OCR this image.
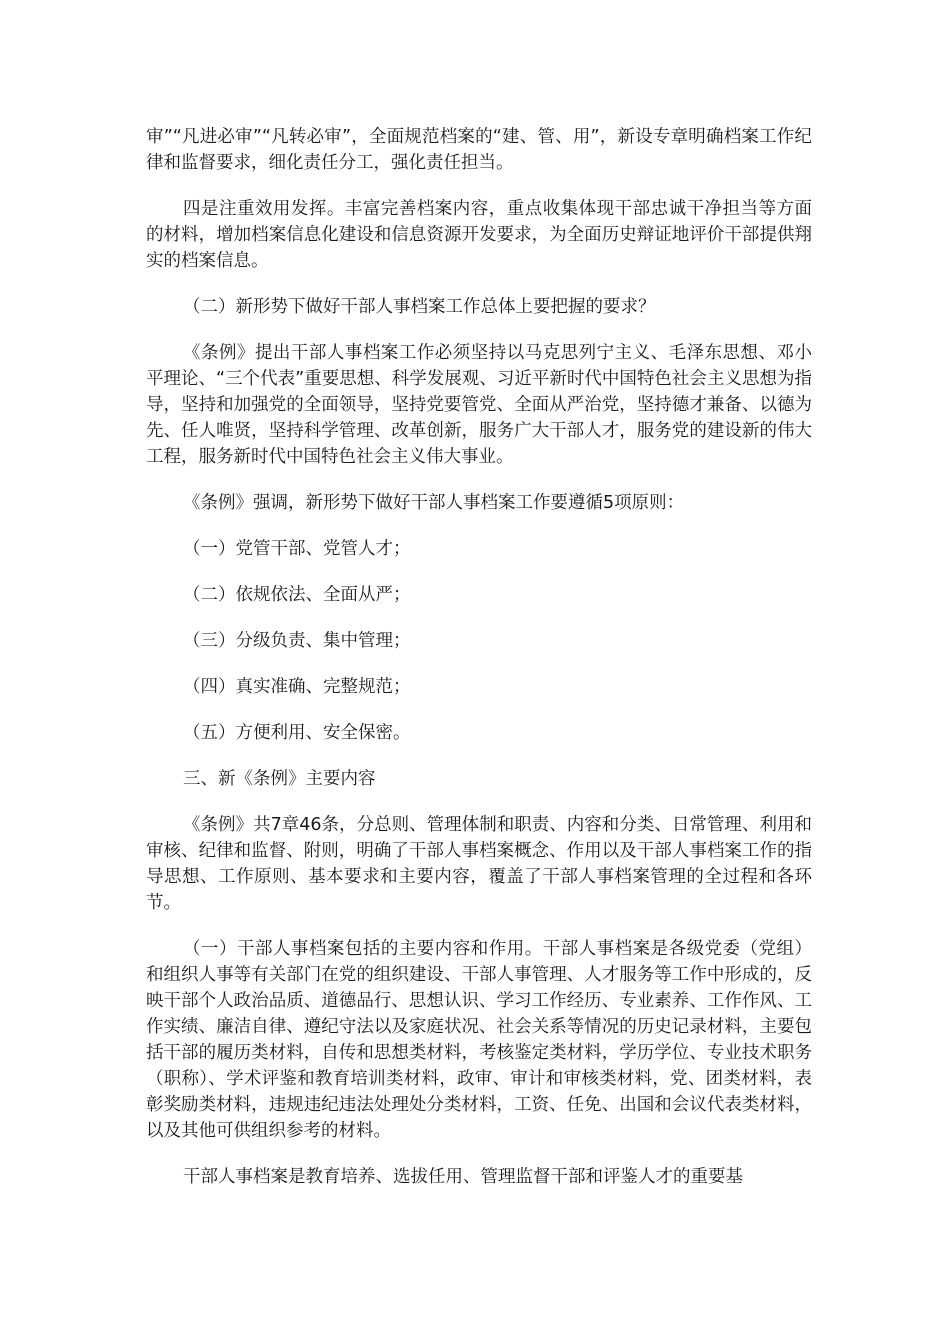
审”“凡进必审”“凡转必审”，全面规范档案的“建、管、用”，新设专章明确档案工作纪律和监督要求，细化责任分工，强化责任担当。

四是注重效用发挥。丰富完善档案内容，重点收集体现干部忠诚干净担当等方面的材料，增加档案信息化建设和信息资源开发要求，为全面历史辩证地评价干部提供翔实的档案信息。

（二）新形势下做好干部人事档案工作总体上要把握的要求？

《条例》提出干部人事档案工作必须坚持以马克思列宁主义、毛泽东思想、邓小平理论、“三个代表”重要思想、科学发展观、习近平新时代中国特色社会主义思想为指导，坚持和加强党的全面领导，坚持党要管党、全面从严治党，坚持德才兼备、以德为先、任人唯贤，坚持科学管理、改革创新，服务广大干部人才，服务党的建设新的伟大工程，服务新时代中国特色社会主义伟大事业。

《条例》强调，新形势下做好干部人事档案工作要遵循5项原则：

（一）党管干部、党管人才；

（二）依规依法、全面从严；

（三）分级负责、集中管理；

（四）真实准确、完整规范；

（五）方便利用、安全保密。

三、新《条例》主要内容

《条例》共7章46条，分总则、管理体制和职责、内容和分类、日常管理、利用和审核、纪律和监督、附则，明确了干部人事档案概念、作用以及干部人事档案工作的指导思想、工作原则、基本要求和主要内容，覆盖了干部人事档案管理的全过程和各环节。

（一）干部人事档案包括的主要内容和作用。干部人事档案是各级党委（党组）和组织人事等有关部门在党的组织建设、干部人事管理、人才服务等工作中形成的，反映干部个人政治品质、道德品行、思想认识、学习工作经历、专业素养、工作作风、工作实绩、廉洁自律、遵纪守法以及家庭状况、社会关系等情况的历史记录材料，主要包括干部的履历类材料，自传和思想类材料，考核鉴定类材料，学历学位、专业技术职务（职称）、学术评鉴和教育培训类材料，政审、审计和审核类材料，党、团类材料，表彰奖励类材料，违规违纪违法处理处分类材料，工资、任免、出国和会议代表类材料，以及其他可供组织参考的材料。

干部人事档案是教育培养、选拔任用、管理监督干部和评鉴人才的重要基
